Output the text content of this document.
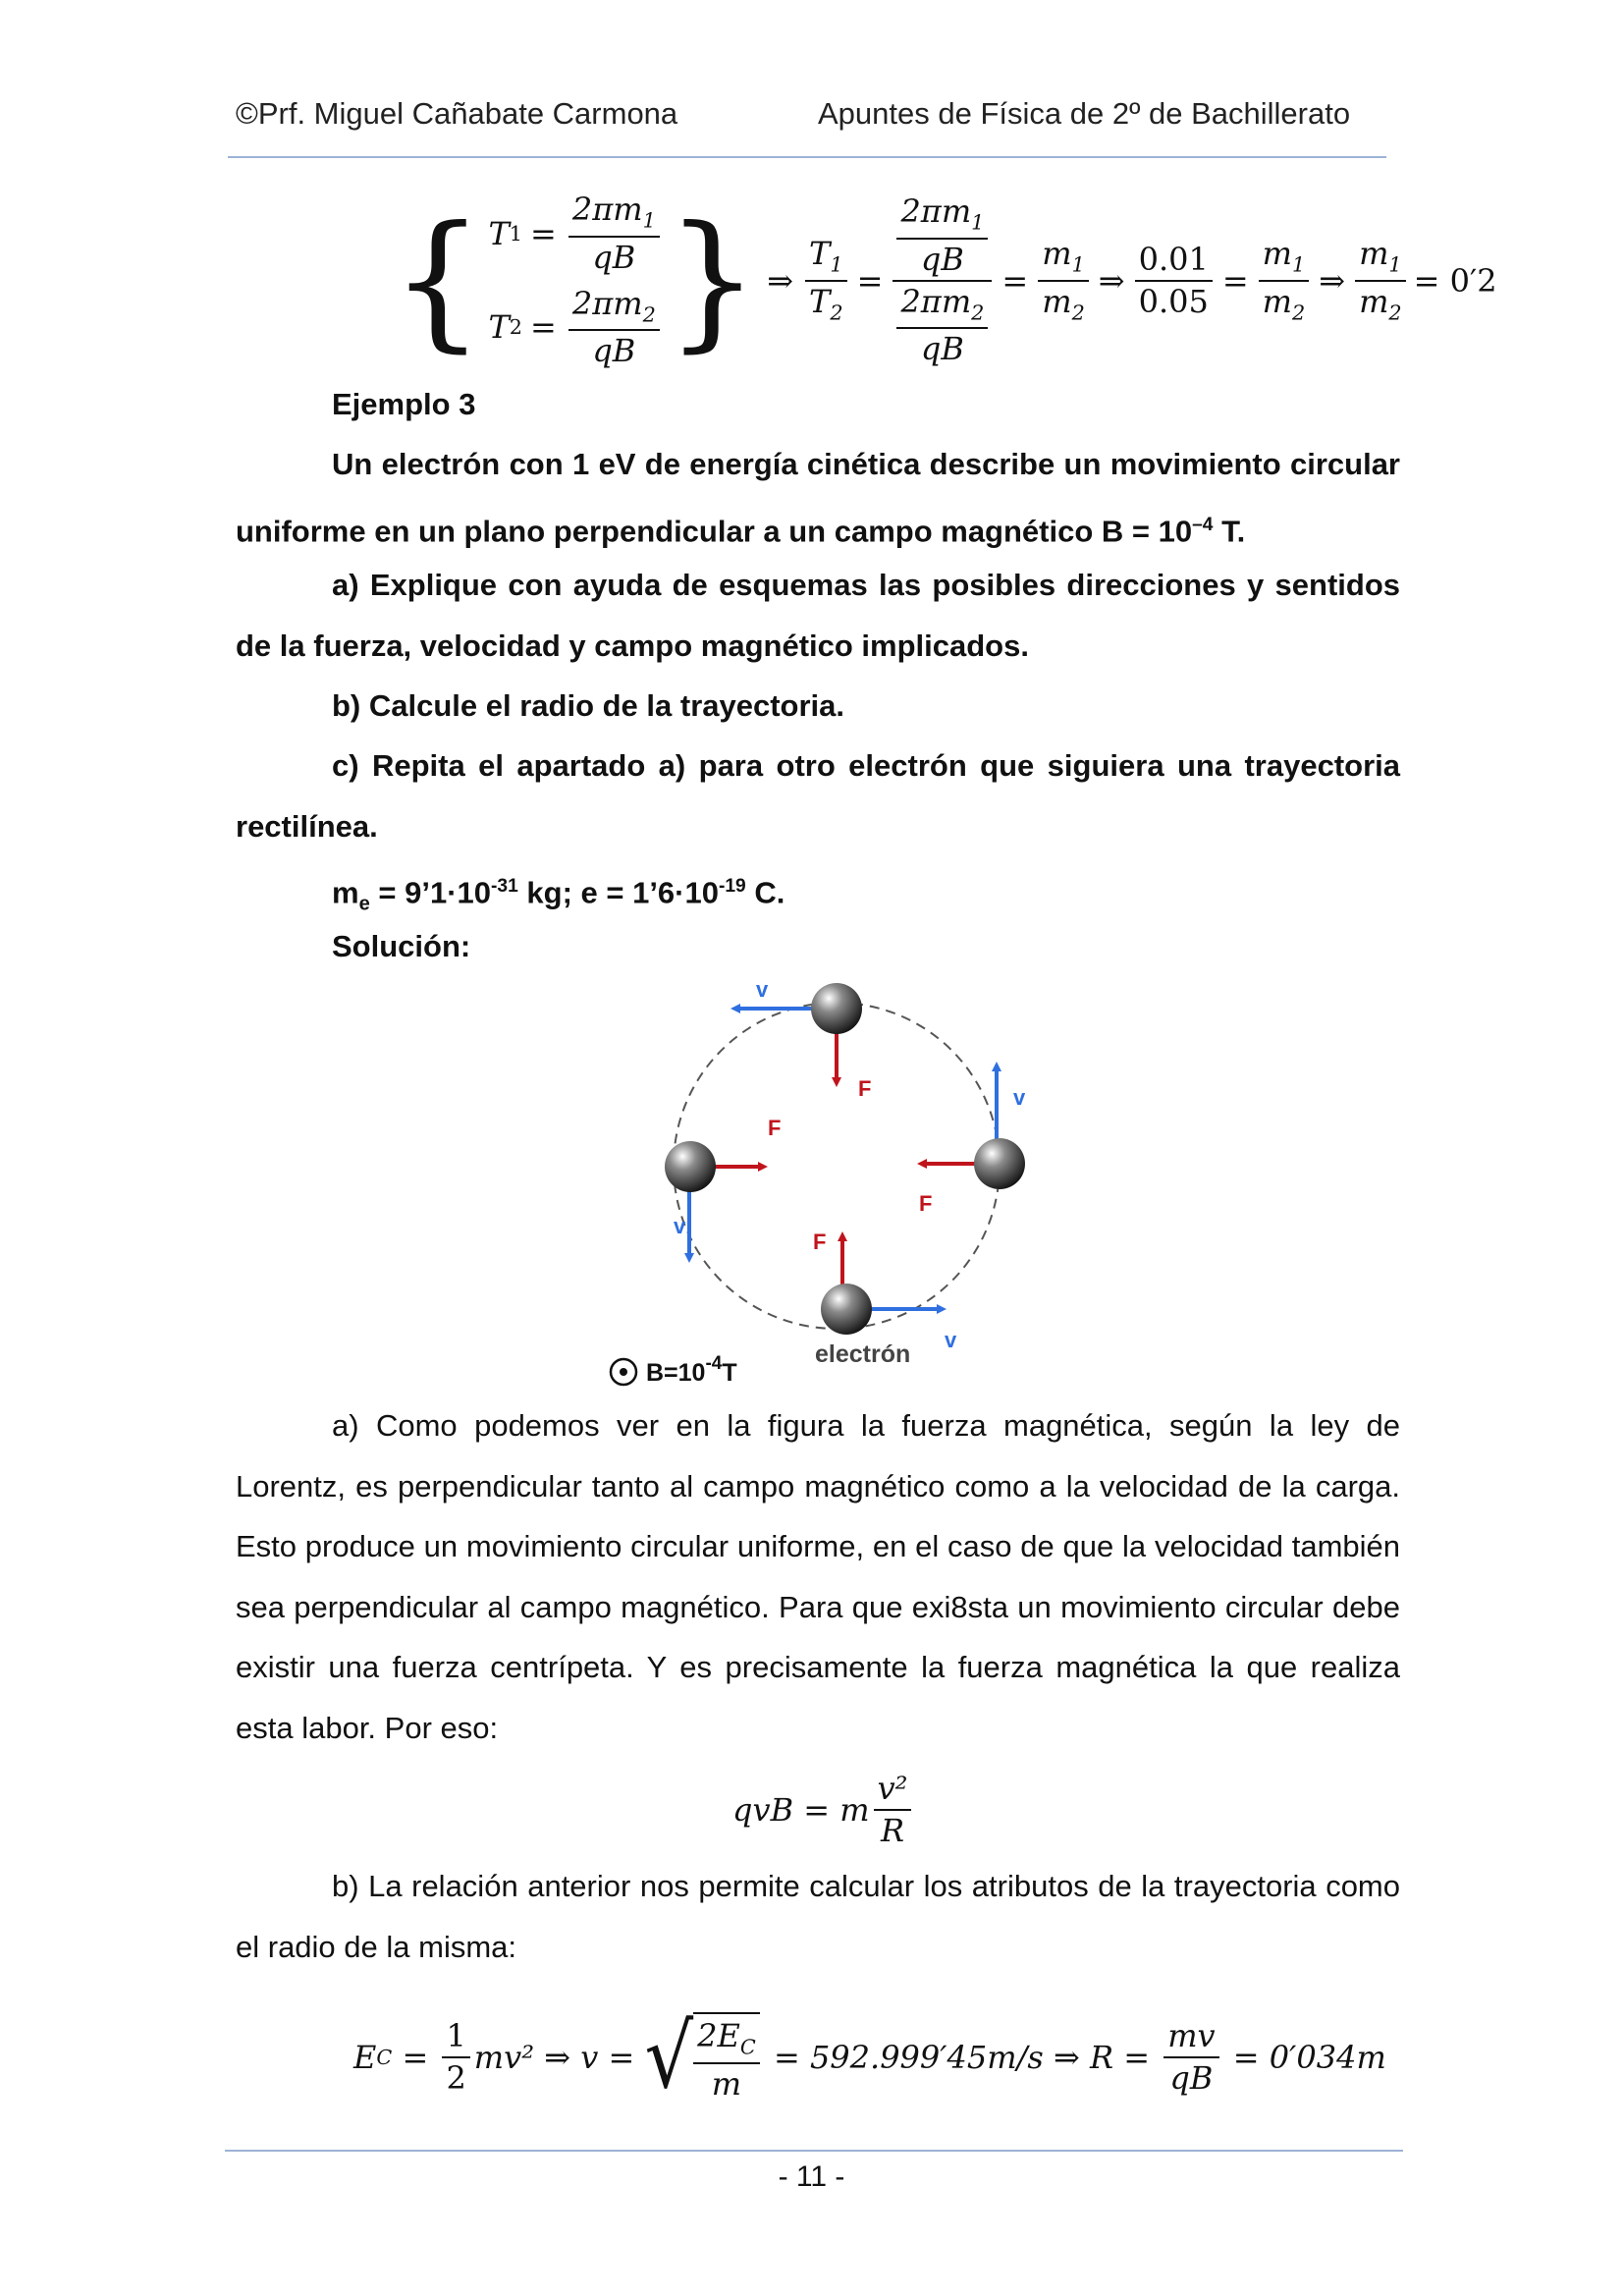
©Prf. Miguel Cañabate Carmona	Apuntes de Física de 2º de Bachillerato
{ T $1 = \frac{2\pi m_1}{qB}$
T $2 = \frac{2\pi m_2}{qB}$ } ⇒ $\frac{T_1}{T_2} = \frac{\frac{2\pi m_1}{qB}}{\frac{2\pi m_2}{qB}} = \frac{m_1}{m_2}$ ⇒ $\frac{0.01}{0.05} = \frac{m_1}{m_2}$ ⇒ $\frac{m_1}{m_2} = 0'2$
Ejemplo 3
Un electrón con 1 eV de energía cinética describe un movimiento circular uniforme en un plano perpendicular a un campo magnético $B = 10^{-4}$ T.
a) Explique con ayuda de esquemas las posibles direcciones y sentidos de la fuerza, velocidad y campo magnético implicados.
b) Calcule el radio de la trayectoria.
c) Repita el apartado a) para otro electrón que siguiera una trayectoria rectilínea.
$m_e$ = $9’1\cdot 10^{-31}$ kg; $e = 1’6\cdot 10^{-19}$ C.
Solución:
v
F	v
F
v
F
F
v
electrón
$B=10^{-4}T$
a) Como podemos ver en la figura la fuerza magnética, según la ley de Lorentz, es perpendicular tanto al campo magnético como a la velocidad de la carga. Esto produce un movimiento circular uniforme, en el caso de que la velocidad también sea perpendicular al campo magnético. Para que exi8sta un movimiento circular debe existir una fuerza centrípeta. Y es precisamente la fuerza magnética la que realiza esta labor. Por eso:
qvB = m $\frac{\text{v²}}{R}$
b) La relación anterior nos permite calcular los atributos de la trayectoria como el radio de la misma:
E $C = \frac{1}{2} mv^2$ ⇒ v = √ $\frac{2E_C}{m} = 592.999'45m/s$ ⇒ $R = \frac{mv}{qB} = 0'034m$
- 11 -
